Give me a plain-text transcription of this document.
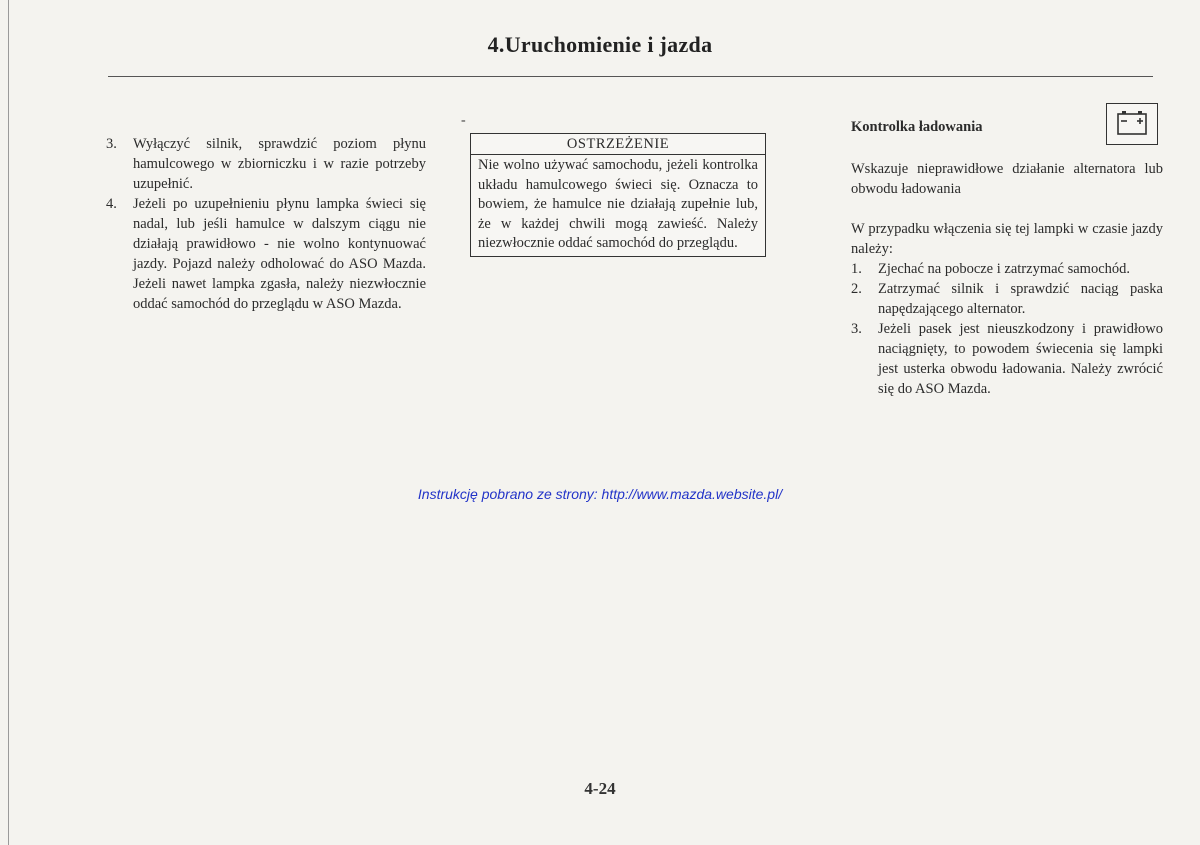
4.Uruchomienie i jazda
3.	Wyłączyć silnik, sprawdzić poziom płynu hamulcowego w zbiorniczku i w razie potrzeby uzupełnić.
4.	Jeżeli po uzupełnieniu płynu lampka świeci się nadal, lub jeśli hamulce w dalszym ciągu nie działają prawidłowo - nie wolno kontynuować jazdy. Pojazd należy odholować do ASO Mazda. Jeżeli nawet lampka zgasła, należy niezwłocznie oddać samochód do przeglądu w ASO Mazda.
-
OSTRZEŻENIE
Nie wolno używać samochodu, jeżeli kontrolka układu hamulcowego świeci się. Oznacza to bowiem, że hamulce nie działają zupełnie lub, że w każdej chwili mogą zawieść. Należy niezwłocznie oddać samochód do przeglądu.
Kontrolka ładowania
Wskazuje nieprawidłowe działanie alternatora lub obwodu ładowania
W przypadku włączenia się tej lampki w czasie jazdy należy:
1.	Zjechać na pobocze i zatrzymać samochód.
2.	Zatrzymać silnik i sprawdzić naciąg paska napędzającego alternator.
3.	Jeżeli pasek jest nieuszkodzony i prawidłowo naciągnięty, to powodem świecenia się lampki jest usterka obwodu ładowania. Należy zwrócić się do ASO Mazda.
Instrukcję pobrano ze strony: http://www.mazda.website.pl/
4-24
